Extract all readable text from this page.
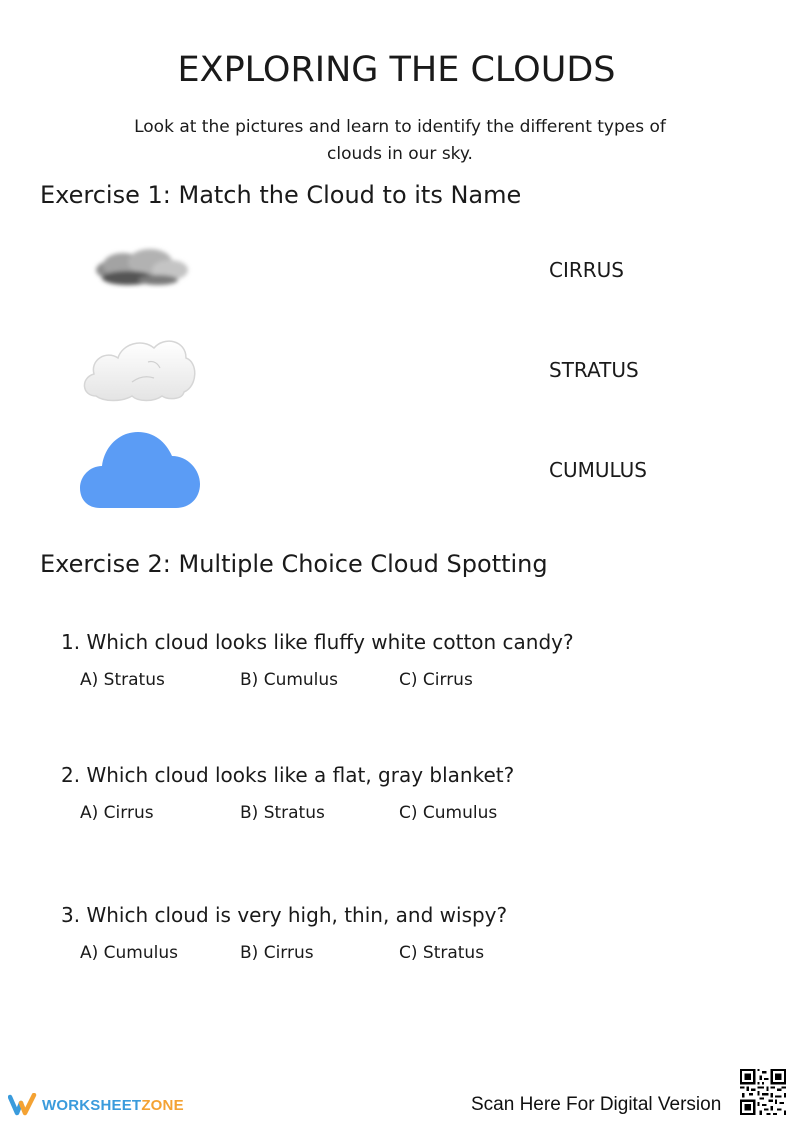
EXPLORING THE CLOUDS
Look at the pictures and learn to identify the different types of clouds in our sky.
Exercise 1: Match the Cloud to its Name
CIRRUS
STRATUS
CUMULUS
Exercise 2: Multiple Choice Cloud Spotting
1. Which cloud looks like fluffy white cotton candy?
A) Stratus	B) Cumulus	C) Cirrus
2. Which cloud looks like a flat, gray blanket?
A) Cirrus	B) Stratus	C) Cumulus
3. Which cloud is very high, thin, and wispy?
A) Cumulus	B) Cirrus	C) Stratus
WORKSHEETZONE	Scan Here For Digital Version
